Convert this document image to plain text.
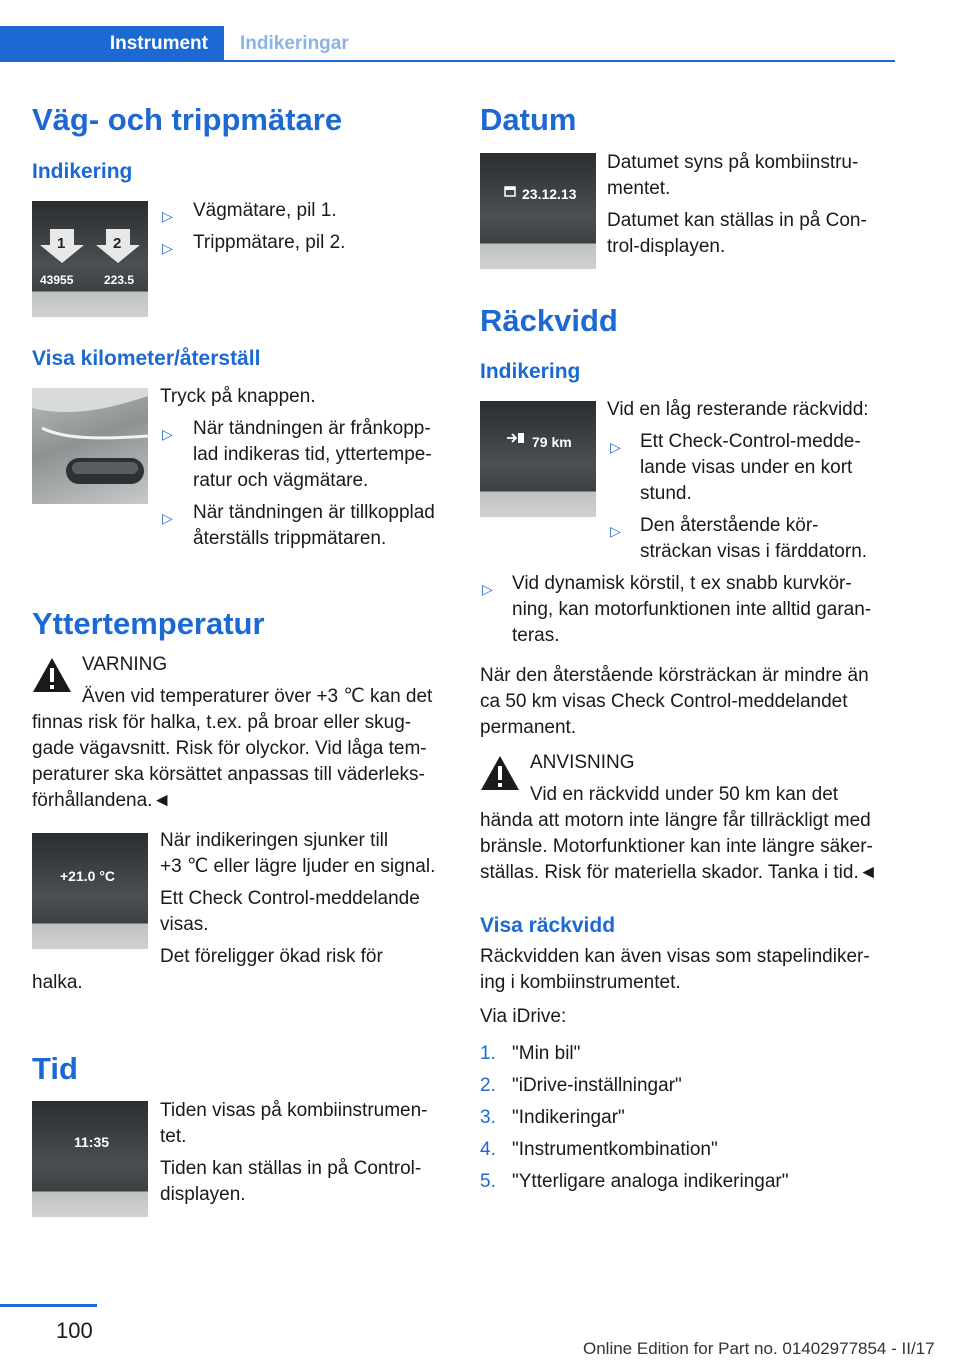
Instrument	Indikeringar
Väg- och trippmätare
Indikering
1	2
43955	223.5
▷ Vägmätare, pil 1.
▷ Trippmätare, pil 2.
Visa kilometer/återställ

Tryck på knappen.

▷ När tändningen är frånkopp‐
lad indikeras tid, yttertempe‐
ratur och vägmätare.
▷ När tändningen är tillkopplad
återställs trippmätaren.
Yttertemperatur
VARNING
Även vid temperaturer över +3 ℃ kan det
finnas risk för halka, t.ex. på broar eller skug‐
gade vägavsnitt. Risk för olyckor. Vid låga tem‐
peraturer ska körsättet anpassas till väderleks‐
förhållandena.◄
+21.0 °C
När indikeringen sjunker till
+3 ℃ eller lägre ljuder en signal.
Ett Check Control-meddelande
visas.
Det föreligger ökad risk för
halka.
Tid
11:35
Tiden visas på kombiinstrumen‐
tet.
Tiden kan ställas in på Control-
displayen.
Datum
23.12.13
Datumet syns på kombiinstru‐
mentet.
Datumet kan ställas in på Con‐
trol-displayen.
Räckvidd
Indikering
79 km

Vid en låg resterande räckvidd:

▷ Ett Check-Control-medde‐
lande visas under en kort
stund.
▷ Den återstående kör‐
sträckan visas i färddatorn.
▷ Vid dynamisk körstil, t ex snabb kurvkör‐
ning, kan motorfunktionen inte alltid garan‐
teras.
När den återstående körsträckan är mindre än
ca 50 km visas Check Control-meddelandet
permanent.
ANVISNING
Vid en räckvidd under 50 km kan det
hända att motorn inte längre får tillräckligt med
bränsle. Motorfunktioner kan inte längre säker‐
ställas. Risk för materiella skador. Tanka i tid.◄
Visa räckvidd
Räckvidden kan även visas som stapelindiker‐
ing i kombiinstrumentet.
Via iDrive:
1. "Min bil"
2. "iDrive-inställningar"
3. "Indikeringar"
4. "Instrumentkombination"
5. "Ytterligare analoga indikeringar"
100
Online Edition for Part no. 01402977854 - II/17
